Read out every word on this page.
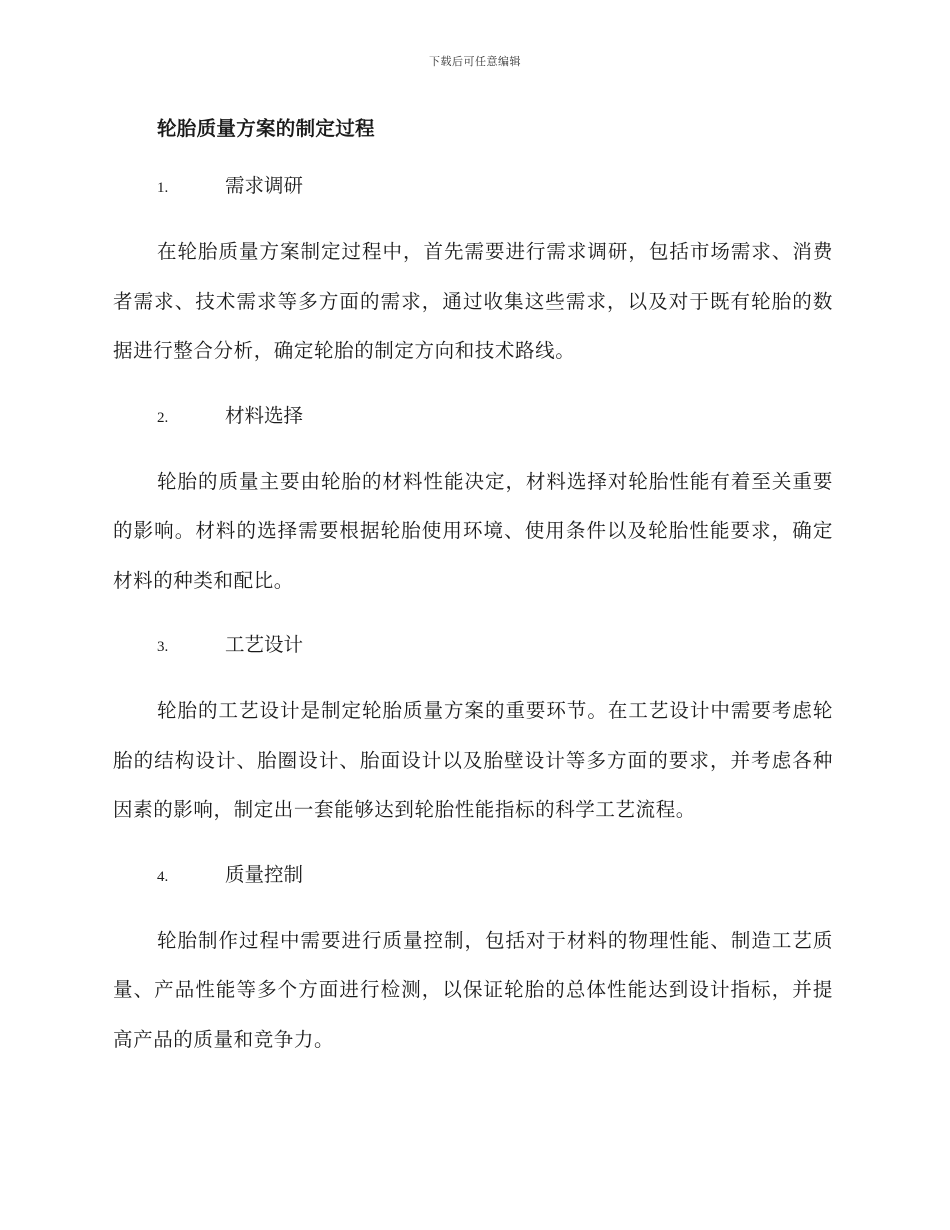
下载后可任意编辑
轮胎质量方案的制定过程
1.	需求调研

在轮胎质量方案制定过程中，首先需要进行需求调研，包括市场需求、消费者需求、技术需求等多方面的需求，通过收集这些需求，以及对于既有轮胎的数据进行整合分析，确定轮胎的制定方向和技术路线。

2.	材料选择

轮胎的质量主要由轮胎的材料性能决定，材料选择对轮胎性能有着至关重要的影响。材料的选择需要根据轮胎使用环境、使用条件以及轮胎性能要求，确定材料的种类和配比。

3.	工艺设计

轮胎的工艺设计是制定轮胎质量方案的重要环节。在工艺设计中需要考虑轮胎的结构设计、胎圈设计、胎面设计以及胎壁设计等多方面的要求，并考虑各种因素的影响，制定出一套能够达到轮胎性能指标的科学工艺流程。

4.	质量控制

轮胎制作过程中需要进行质量控制，包括对于材料的物理性能、制造工艺质量、产品性能等多个方面进行检测，以保证轮胎的总体性能达到设计指标，并提高产品的质量和竞争力。
